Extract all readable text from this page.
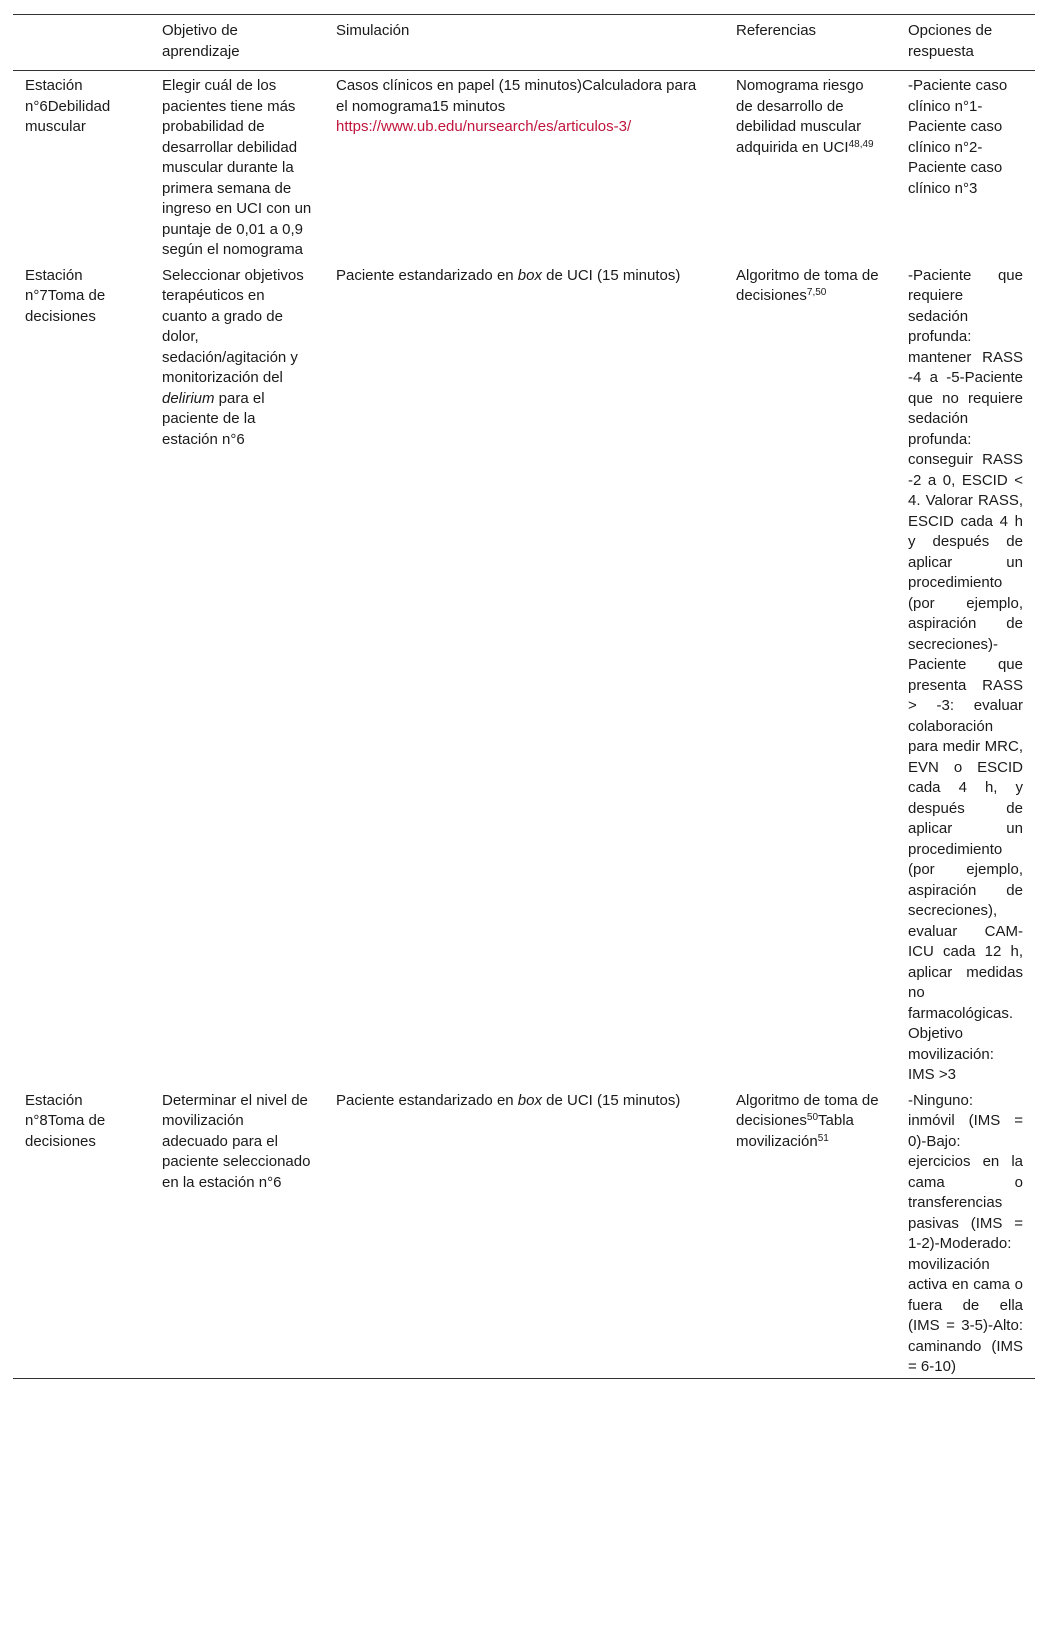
	Objetivo de aprendizaje	Simulación	Referencias	Opciones de respuesta
Estación n°6Debilidad muscular	Elegir cuál de los pacientes tiene más probabilidad de desarrollar debilidad muscular durante la primera semana de ingreso en UCI con un puntaje de 0,01 a 0,9 según el nomograma	Casos clínicos en papel (15 minutos)Calculadora para el nomograma15 minutos https://www.ub.edu/nursearch/es/articulos-3/	Nomograma riesgo de desarrollo de debilidad muscular adquirida en UCI$^{48,49}$	-Paciente caso clínico n°1-Paciente caso clínico n°2-Paciente caso clínico n°3
Estación n°7Toma de decisiones	Seleccionar objetivos terapéuticos en cuanto a grado de dolor, sedación/agitación y monitorización del delirium para el paciente de la estación n°6	Paciente estandarizado en box de UCI (15 minutos)	Algoritmo de toma de decisiones$^{7,50}$	-Paciente que requiere sedación profunda: mantener RASS -4 a -5-Paciente que no requiere sedación profunda: conseguir RASS -2 a 0, ESCID < 4. Valorar RASS, ESCID cada 4 h y después de aplicar un procedimiento (por ejemplo, aspiración de secreciones)-Paciente que presenta RASS > -3: evaluar colaboración para medir MRC, EVN o ESCID cada 4 h, y después de aplicar un procedimiento (por ejemplo, aspiración de secreciones), evaluar CAM-ICU cada 12 h, aplicar medidas no farmacológicas. Objetivo movilización: IMS >3
Estación n°8Toma de decisiones	Determinar el nivel de movilización adecuado para el paciente seleccionado en la estación n°6	Paciente estandarizado en box de UCI (15 minutos)	Algoritmo de toma de decisiones$^{50}$Tabla movilización$^{51}$	-Ninguno: inmóvil (IMS = 0)-Bajo: ejercicios en la cama o transferencias pasivas (IMS = 1-2)-Moderado: movilización activa en cama o fuera de ella (IMS = 3-5)-Alto: caminando (IMS = 6-10)
